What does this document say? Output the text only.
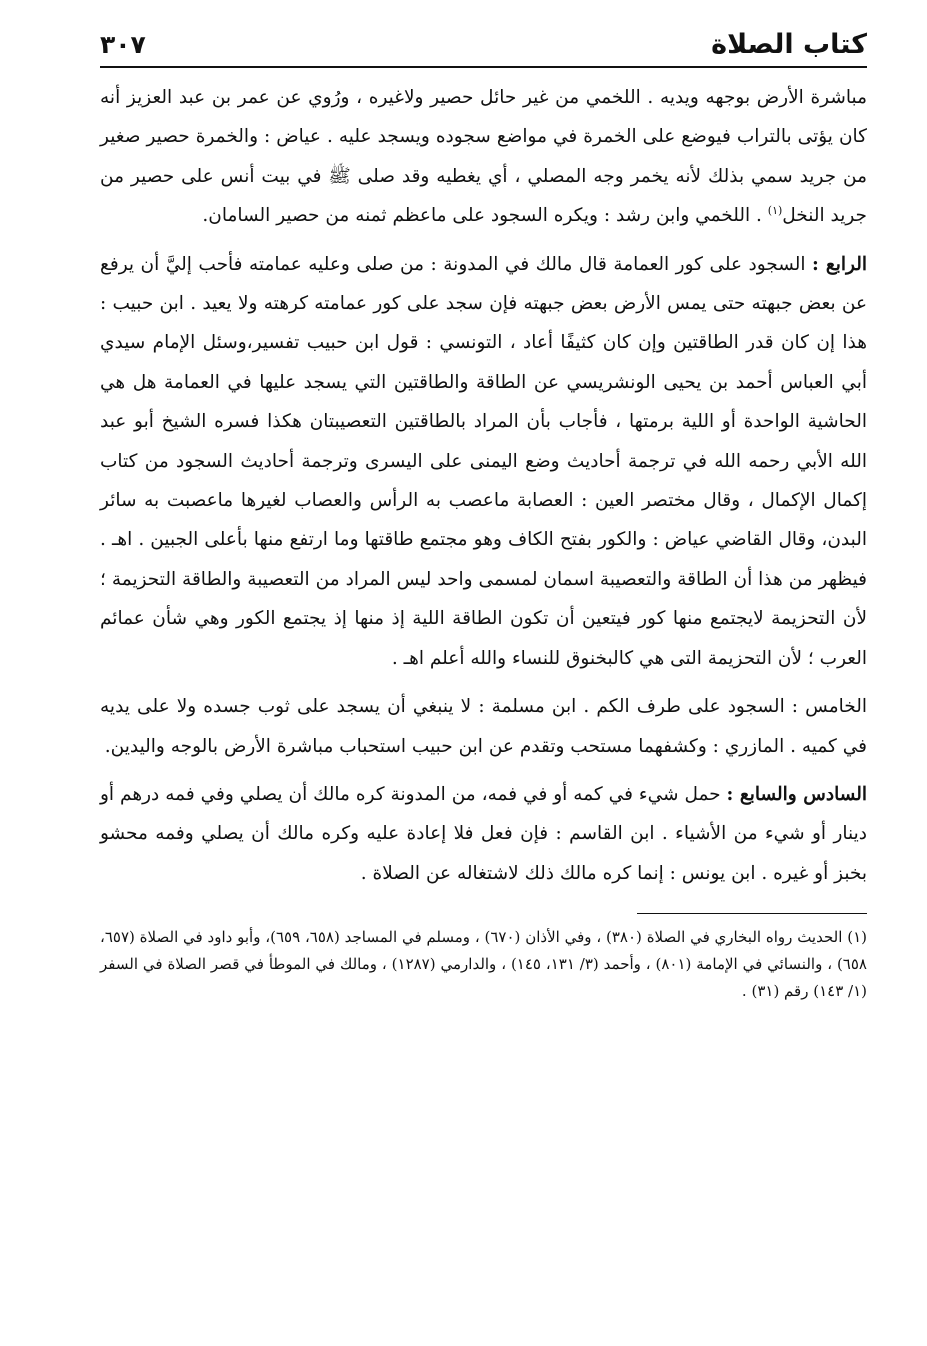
كتاب الصلاة
٣٠٧

مباشرة الأرض بوجهه ويديه . اللخمي من غير حائل حصير ولاغيره ، ورُوي عن عمر بن عبد العزيز أنه كان يؤتى بالتراب فيوضع على الخمرة في مواضع سجوده ويسجد عليه . عياض : والخمرة حصير صغير من جريد سمي بذلك لأنه يخمر وجه المصلي ، أي يغطيه وقد صلى ﷺ في بيت أنس على حصير من جريد النخل$^{(١)}$ . اللخمي وابن رشد : ويكره السجود على ماعظم ثمنه من حصير السامان.

الرابع : السجود على كور العمامة قال مالك في المدونة : من صلى وعليه عمامته فأحب إليَّ أن يرفع عن بعض جبهته حتى يمس الأرض بعض جبهته فإن سجد على كور عمامته كرهته ولا يعيد . ابن حبيب : هذا إن كان قدر الطاقتين وإن كان كثيفًا أعاد ، التونسي : قول ابن حبيب تفسير،وسئل الإمام سيدي أبي العباس أحمد بن يحيى الونشريسي عن الطاقة والطاقتين التي يسجد عليها في العمامة هل هي الحاشية الواحدة أو اللية برمتها ، فأجاب بأن المراد بالطاقتين التعصيبتان هكذا فسره الشيخ أبو عبد الله الأبي رحمه الله في ترجمة أحاديث وضع اليمنى على اليسرى وترجمة أحاديث السجود من كتاب إكمال الإكمال ، وقال مختصر العين : العصابة ماعصب به الرأس والعصاب لغيرها ماعصبت به سائر البدن، وقال القاضي عياض : والكور بفتح الكاف وهو مجتمع طاقتها وما ارتفع منها بأعلى الجبين . اهـ . فيظهر من هذا أن الطاقة والتعصيبة اسمان لمسمى واحد ليس المراد من التعصيبة والطاقة التحزيمة ؛ لأن التحزيمة لايجتمع منها كور فيتعين أن تكون الطاقة اللية إذ منها إذ يجتمع الكور وهي شأن عمائم العرب ؛ لأن التحزيمة التى هي كالبخنوق للنساء والله أعلم اهـ .

الخامس : السجود على طرف الكم . ابن مسلمة : لا ينبغي أن يسجد على ثوب جسده ولا على يديه في كميه . المازري : وكشفهما مستحب وتقدم عن ابن حبيب استحباب مباشرة الأرض بالوجه واليدين.

السادس والسابع : حمل شيء في كمه أو في فمه، من المدونة كره مالك أن يصلي وفي فمه درهم أو دينار أو شيء من الأشياء . ابن القاسم : فإن فعل فلا إعادة عليه وكره مالك أن يصلي وفمه محشو بخبز أو غيره . ابن يونس : إنما كره مالك ذلك لاشتغاله عن الصلاة .

(١) الحديث رواه البخاري في الصلاة (٣٨٠) ، وفي الأذان (٦٧٠) ، ومسلم في المساجد (٦٥٨، ٦٥٩)، وأبو داود في الصلاة (٦٥٧، ٦٥٨) ، والنسائي في الإمامة (٨٠١) ، وأحمد (٣/ ١٣١، ١٤٥) ، والدارمي (١٢٨٧) ، ومالك في الموطأ في قصر الصلاة في السفر (١/ ١٤٣) رقم (٣١) .
